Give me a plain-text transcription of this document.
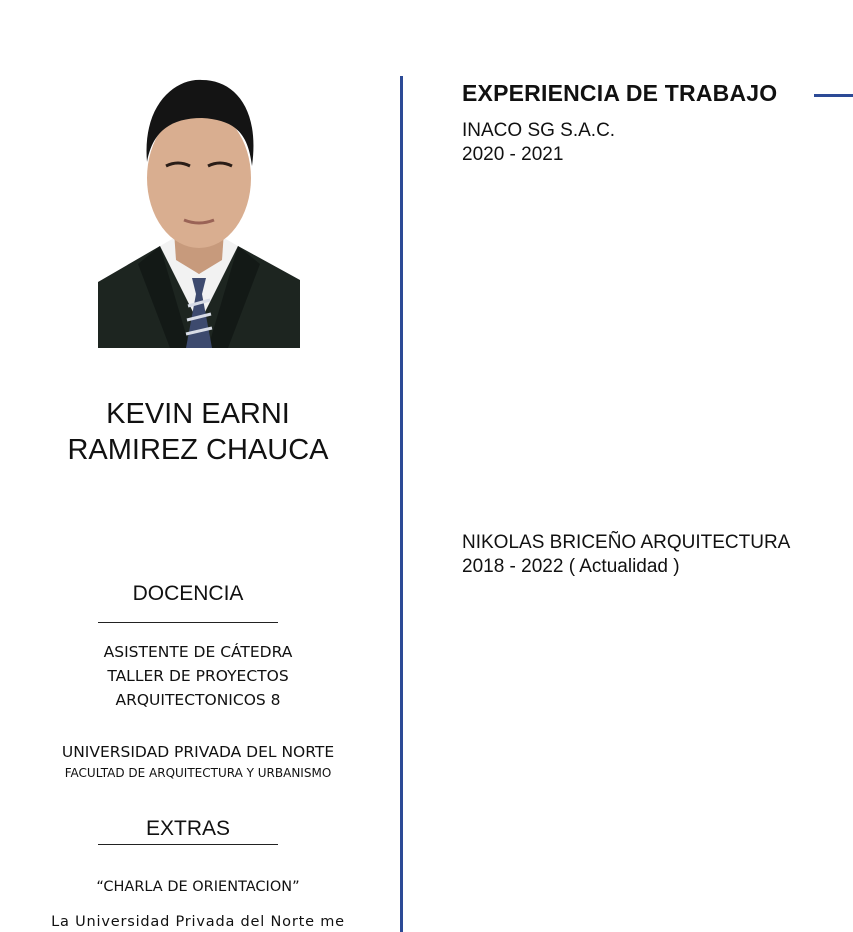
KEVIN EARNI
RAMIREZ CHAUCA
DOCENCIA
ASISTENTE DE CÁTEDRA
TALLER DE PROYECTOS
ARQUITECTONICOS 8
UNIVERSIDAD PRIVADA DEL NORTE
FACULTAD DE ARQUITECTURA Y URBANISMO
EXTRAS
“CHARLA DE ORIENTACION”
La Universidad Privada del Norte me
EXPERIENCIA DE TRABAJO
INACO SG S.A.C.
2020 - 2021
NIKOLAS BRICEÑO ARQUITECTURA
2018 - 2022 ( Actualidad )
